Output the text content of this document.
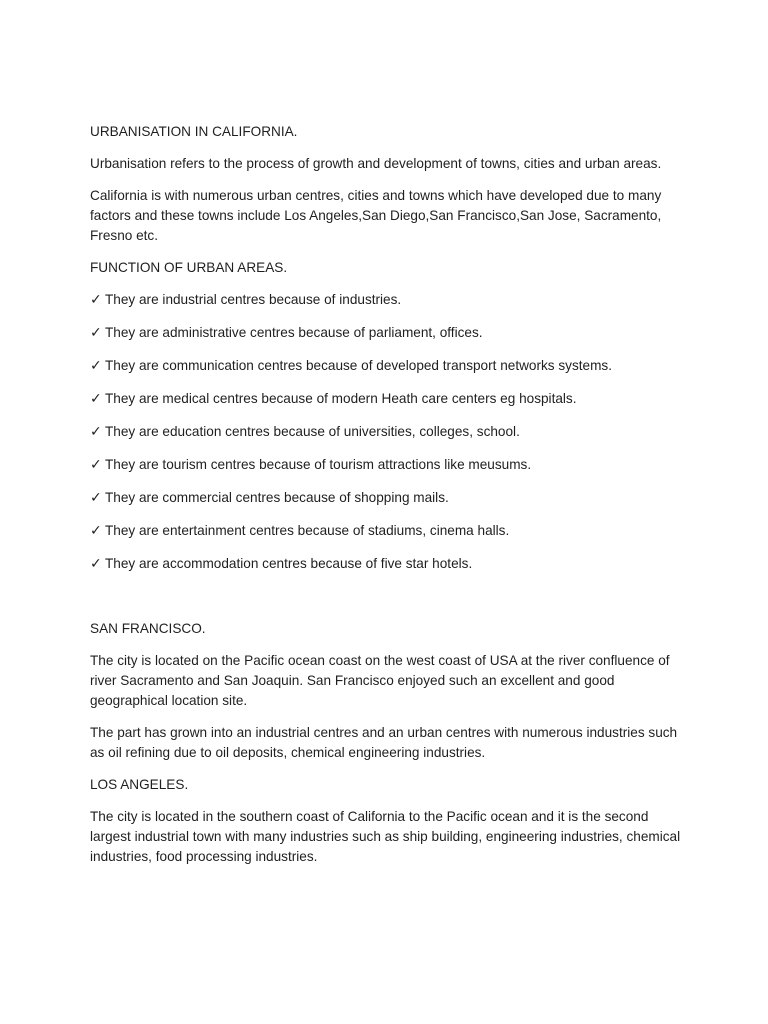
URBANISATION IN CALIFORNIA.

Urbanisation refers to the process of growth and development of towns, cities and urban areas.

California is with numerous urban centres, cities and towns which have developed due to many factors and these towns include Los Angeles,San Diego,San Francisco,San Jose, Sacramento, Fresno etc.

FUNCTION OF URBAN AREAS.

✓ They are industrial centres because of industries.
✓ They are administrative centres because of parliament, offices.
✓ They are communication centres because of developed transport networks systems.
✓ They are medical centres because of modern Heath care centers eg hospitals.
✓ They are education centres because of universities, colleges, school.
✓ They are tourism centres because of tourism attractions like meusums.
✓ They are commercial centres because of shopping mails.
✓ They are entertainment centres because of stadiums, cinema halls.
✓ They are accommodation centres because of five star hotels.

SAN FRANCISCO.

The city is located on the Pacific ocean coast on the west coast of USA at the river confluence of river Sacramento and San Joaquin. San Francisco enjoyed such an excellent and good geographical location site.

The part has grown into an industrial centres and an urban centres with numerous industries such as oil refining due to oil deposits, chemical engineering industries.

LOS ANGELES.

The city is located in the southern coast of California to the Pacific ocean and it is the second largest industrial town with many industries such as ship building, engineering industries, chemical industries, food processing industries.
